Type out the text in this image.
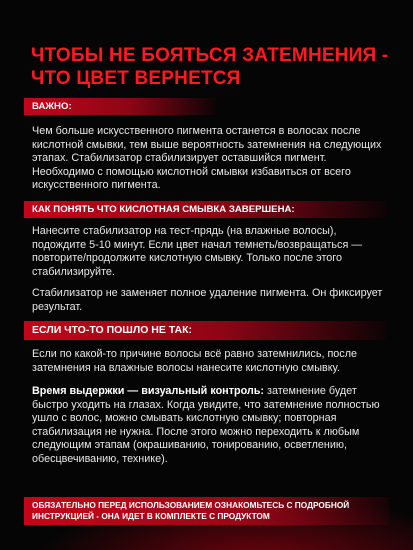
ЧТОБЫ НЕ БОЯТЬСЯ ЗАТЕМНЕНИЯ - ЧТО ЦВЕТ ВЕРНЕТСЯ
ВАЖНО:

Чем больше искусственного пигмента останется в волосах после кислотной смывки, тем выше вероятность затемнения на следующих этапах. Стабилизатор стабилизирует оставшийся пигмент. Необходимо с помощью кислотной смывки избавиться от всего искусственного пигмента.

КАК ПОНЯТЬ ЧТО КИСЛОТНАЯ СМЫВКА ЗАВЕРШЕНА:

Нанесите стабилизатор на тест-прядь (на влажные волосы), подождите 5-10 минут. Если цвет начал темнеть/возвращаться — повторите/продолжите кислотную смывку. Только после этого стабилизируйте.

Стабилизатор не заменяет полное удаление пигмента. Он фиксирует результат.

ЕСЛИ ЧТО-ТО ПОШЛО НЕ ТАК:

Если по какой-то причине волосы всё равно затемнились, после затемнения на влажные волосы нанесите кислотную смывку.

Время выдержки — визуальный контроль: затемнение будет быстро уходить на глазах. Когда увидите, что затемнение полностью ушло с волос, можно смывать кислотную смывку; повторная стабилизация не нужна. После этого можно переходить к любым следующим этапам (окрашиванию, тонированию, осветлению, обесцвечиванию, технике).

ОБЯЗАТЕЛЬНО ПЕРЕД ИСПОЛЬЗОВАНИЕМ ОЗНАКОМЬТЕСЬ С ПОДРОБНОЙ ИНСТРУКЦИЕЙ - ОНА ИДЕТ В КОМПЛЕКТЕ С ПРОДУКТОМ
